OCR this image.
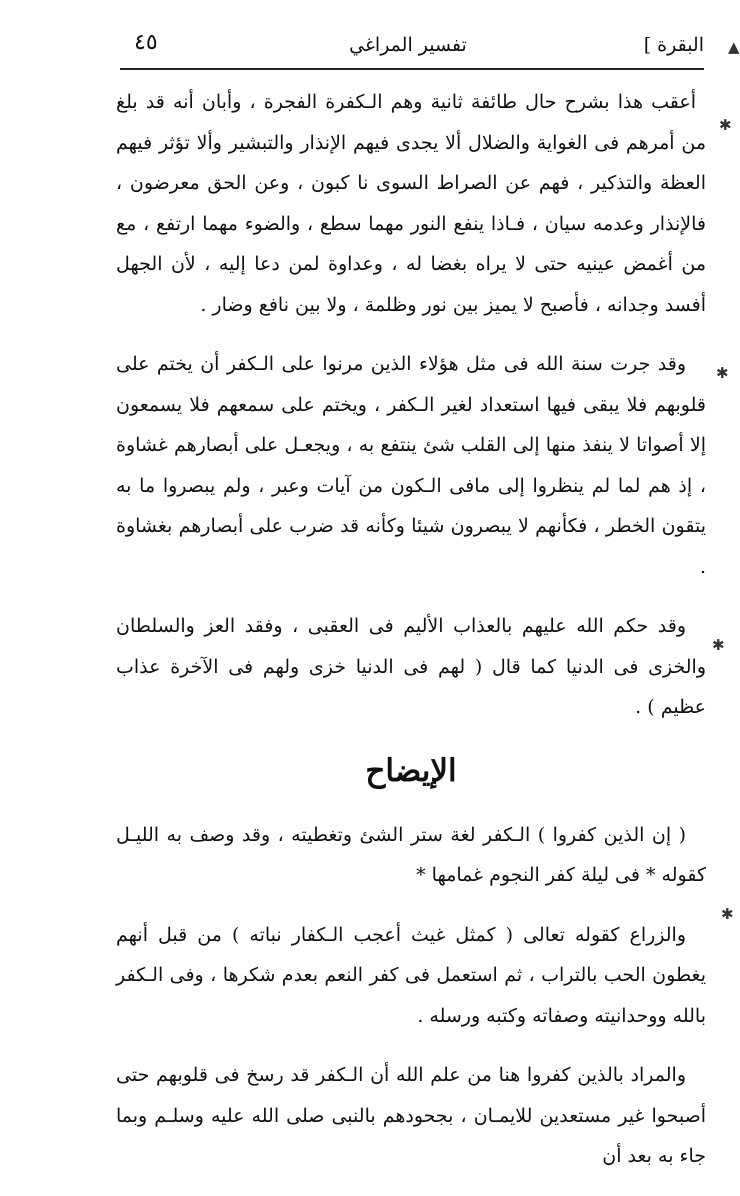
البقرة ]
تفسير المراغي
٤٥

أعقب هذا بشرح حال طائفة ثانية وهم الـكفرة الفجرة ، وأبان أنه قد بلغ من أمرهم فى الغواية والضلال ألا يجدى فيهم الإنذار والتبشير وألا تؤثر فيهم العظة والتذكير ، فهم عن الصراط السوى نا كبون ، وعن الحق معرضون ، فالإنذار وعدمه سيان ، فـاذا ينفع النور مهما سطع ، والضوء مهما ارتفع ، مع من أغمض عينيه حتى لا يراه بغضا له ، وعداوة لمن دعا إليه ، لأن الجهل أفسد وجدانه ، فأصبح لا يميز بين نور وظلمة ، ولا بين نافع وضار .

وقد جرت سنة الله فى مثل هؤلاء الذين مرنوا على الـكفر أن يختم على قلوبهم فلا يبقى فيها استعداد لغير الـكفر ، ويختم على سمعهم فلا يسمعون إلا أصواتا لا ينفذ منها إلى القلب شئ ينتفع به ، ويجعـل على أبصارهم غشاوة ، إذ هم لما لم ينظروا إلى مافى الـكون من آيات وعبر ، ولم يبصروا ما به يتقون الخطر ، فكأنهم لا يبصرون شيئا وكأنه قد ضرب على أبصارهم بغشاوة .

وقد حكم الله عليهم بالعذاب الأليم فى العقبى ، وفقد العز والسلطان والخزى فى الدنيا كما قال ( لهم فى الدنيا خزى ولهم فى الآخرة عذاب عظيم ) .

الإيضاح

( إن الذين كفروا ) الـكفر لغة ستر الشئ وتغطيته ، وقد وصف به الليـل كقوله * فى ليلة كفر النجوم غمامها *

والزراع كقوله تعالى ( كمثل غيث أعجب الـكفار نباته ) من قبل أنهم يغطون الحب بالتراب ، ثم استعمل فى كفر النعم بعدم شكرها ، وفى الـكفر بالله ووحدانيته وصفاته وكتبه ورسله .

والمراد بالذين كفروا هنا من علم الله أن الـكفر قد رسخ فى قلوبهم حتى أصبحوا غير مستعدين للايمـان ، بجحودهم بالنبى صلى الله عليه وسلـم وبما جاء به بعد أن

▲
✱
✱
✱
✱
